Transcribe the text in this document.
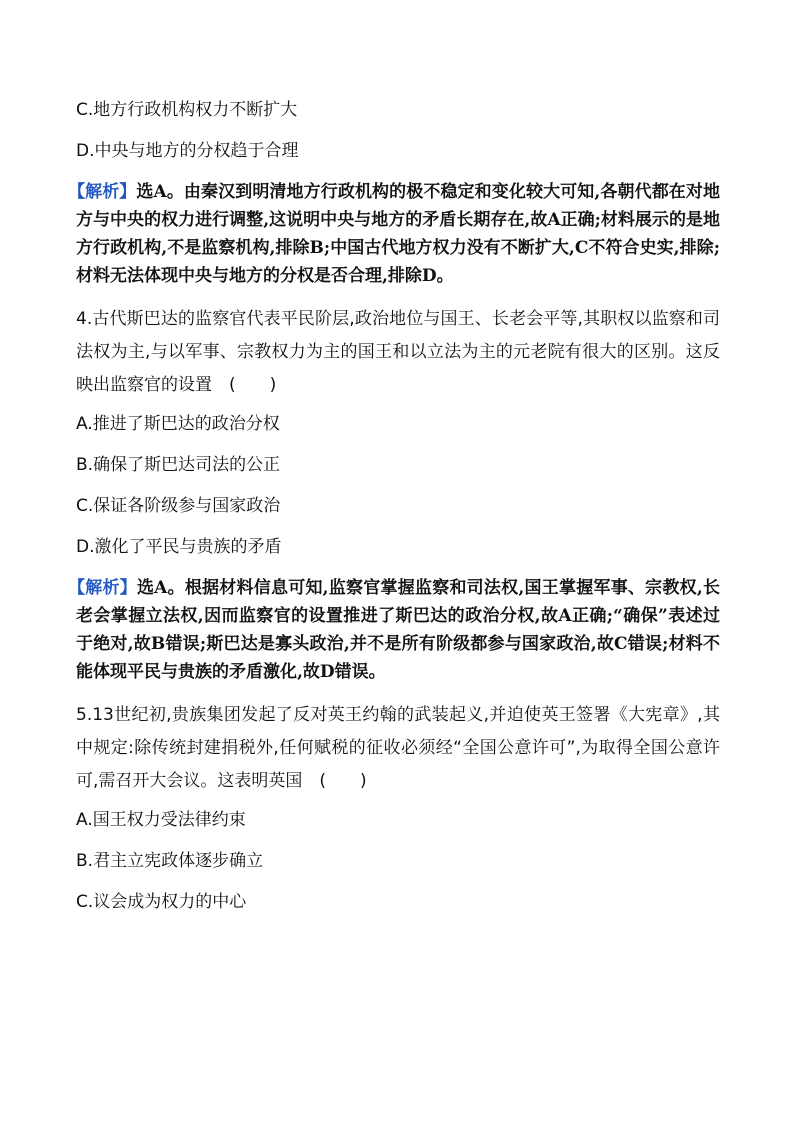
C.地方行政机构权力不断扩大

D.中央与地方的分权趋于合理

【解析】选A。由秦汉到明清地方行政机构的极不稳定和变化较大可知,各朝代都在对地方与中央的权力进行调整,这说明中央与地方的矛盾长期存在,故A正确;材料展示的是地方行政机构,不是监察机构,排除B;中国古代地方权力没有不断扩大,C不符合史实,排除;材料无法体现中央与地方的分权是否合理,排除D。

4.古代斯巴达的监察官代表平民阶层,政治地位与国王、长老会平等,其职权以监察和司法权为主,与以军事、宗教权力为主的国王和以立法为主的元老院有很大的区别。这反映出监察官的设置　(　　)

A.推进了斯巴达的政治分权

B.确保了斯巴达司法的公正

C.保证各阶级参与国家政治

D.激化了平民与贵族的矛盾

【解析】选A。根据材料信息可知,监察官掌握监察和司法权,国王掌握军事、宗教权,长老会掌握立法权,因而监察官的设置推进了斯巴达的政治分权,故A正确;“确保”表述过于绝对,故B错误;斯巴达是寡头政治,并不是所有阶级都参与国家政治,故C错误;材料不能体现平民与贵族的矛盾激化,故D错误。

5.13世纪初,贵族集团发起了反对英王约翰的武装起义,并迫使英王签署《大宪章》,其中规定:除传统封建捐税外,任何赋税的征收必须经“全国公意许可”,为取得全国公意许可,需召开大会议。这表明英国　(　　)

A.国王权力受法律约束

B.君主立宪政体逐步确立

C.议会成为权力的中心
